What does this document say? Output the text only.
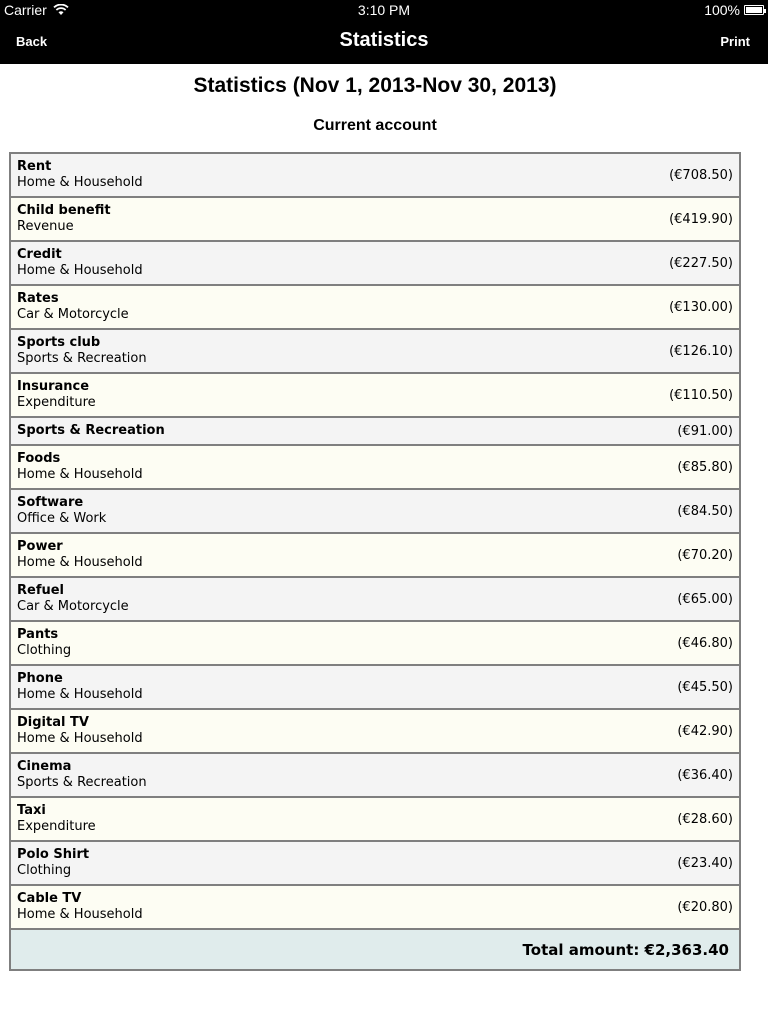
Carrier	3:10 PM	100%
Back	Statistics	Print
Statistics (Nov 1, 2013-Nov 30, 2013)
Current account
Rent
Home & Household	(€708.50)
Child benefit
Revenue	(€419.90)
Credit
Home & Household	(€227.50)
Rates
Car & Motorcycle	(€130.00)
Sports club
Sports & Recreation	(€126.10)
Insurance
Expenditure	(€110.50)
Sports & Recreation	(€91.00)
Foods
Home & Household	(€85.80)
Software
Office & Work	(€84.50)
Power
Home & Household	(€70.20)
Refuel
Car & Motorcycle	(€65.00)
Pants
Clothing	(€46.80)
Phone
Home & Household	(€45.50)
Digital TV
Home & Household	(€42.90)
Cinema
Sports & Recreation	(€36.40)
Taxi
Expenditure	(€28.60)
Polo Shirt
Clothing	(€23.40)
Cable TV
Home & Household	(€20.80)
Total amount: €2,363.40
